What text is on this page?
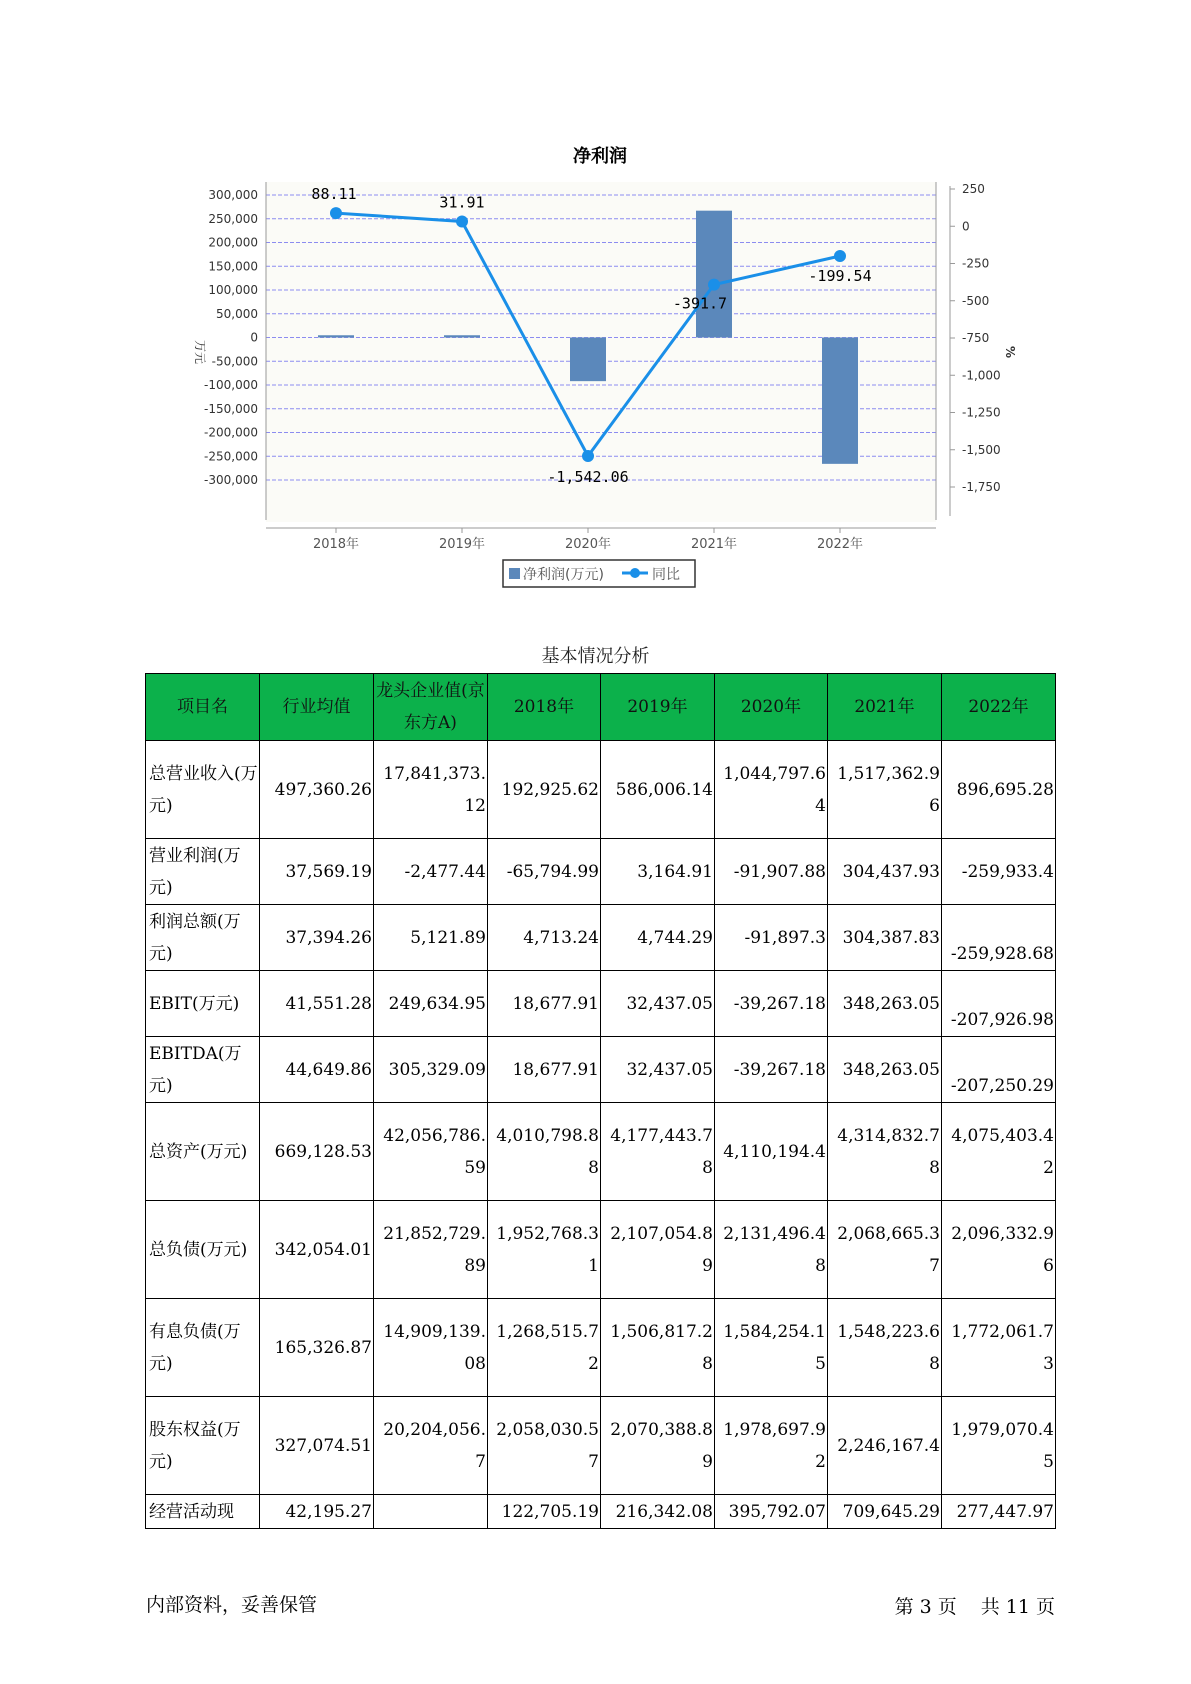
净利润
300,000
250,000
200,000
150,000
100,000
50,000
0
-50,000
-100,000
-150,000
-200,000
-250,000
-300,000
250
0
-250
-500
-750
-1,000
-1,250
-1,500
-1,750
万元	%
88.11	31.91
-1,542.06
-391.7
-199.54
2018年	2019年	2020年	2021年	2022年
净利润(万元)	同比
基本情况分析
项目名	行业均值	龙头企业值(京东方A)	2018年	2019年	2020年	2021年	2022年
总营业收入(万元)	497,360.26	17,841,373.12	192,925.62	586,006.14	1,044,797.64	1,517,362.96	896,695.28
营业利润(万元)	37,569.19	-2,477.44	-65,794.99	3,164.91	-91,907.88	304,437.93	-259,933.4
利润总额(万元)	37,394.26	5,121.89	4,713.24	4,744.29	-91,897.3	304,387.83	-259,928.68
EBIT(万元)	41,551.28	249,634.95	18,677.91	32,437.05	-39,267.18	348,263.05	-207,926.98
EBITDA(万元)	44,649.86	305,329.09	18,677.91	32,437.05	-39,267.18	348,263.05	-207,250.29
总资产(万元)	669,128.53	42,056,786.59	4,010,798.88	4,177,443.78	4,110,194.4	4,314,832.78	4,075,403.42
总负债(万元)	342,054.01	21,852,729.89	1,952,768.31	2,107,054.89	2,131,496.48	2,068,665.37	2,096,332.96
有息负债(万元)	165,326.87	14,909,139.08	1,268,515.72	1,506,817.28	1,584,254.15	1,548,223.68	1,772,061.73
股东权益(万元)	327,074.51	20,204,056.7	2,058,030.57	2,070,388.89	1,978,697.92	2,246,167.4	1,979,070.45
经营活动现	42,195.27		122,705.19	216,342.08	395,792.07	709,645.29	277,447.97
内部资料，妥善保管	第 3 页 共 11 页
